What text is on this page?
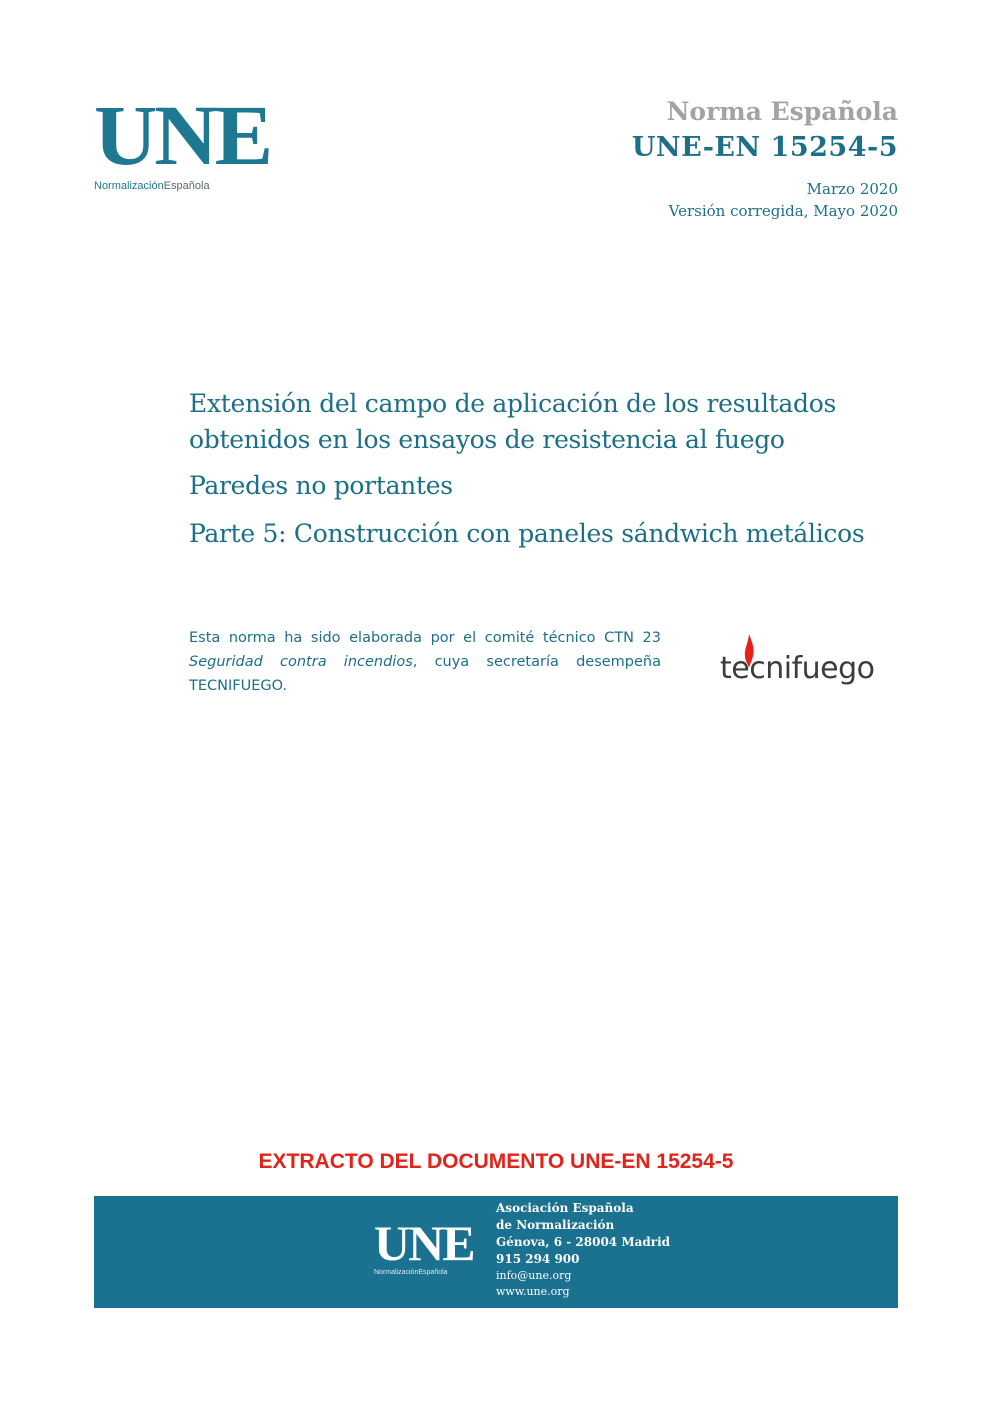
UNE
NormalizaciónEspañola
Norma Española
UNE-EN 15254-5
Marzo 2020
Versión corregida, Mayo 2020
Extensión del campo de aplicación de los resultados
obtenidos en los ensayos de resistencia al fuego
Paredes no portantes
Parte 5: Construcción con paneles sándwich metálicos

Esta norma ha sido elaborada por el comité técnico CTN 23 Seguridad contra incendios, cuya secretaría desempeña TECNIFUEGO.	tecnifuego
EXTRACTO DEL DOCUMENTO UNE-EN 15254-5
UNE
NormalizaciónEspañola
Asociación Española
de Normalización
Génova, 6 - 28004 Madrid
915 294 900
info@une.org
www.une.org
